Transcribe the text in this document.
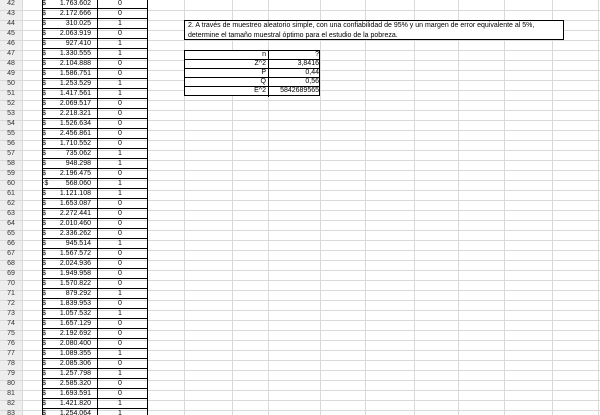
42	$ 1.763.602	0
43	$ 2.172.666	0
44	$	310.025	1
45	$ 2.063.919	0
46	$	927.410	1
47	$ 1.330.555	1
48	$ 2.104.888	0
49	$ 1.586.751	0
50	$ 1.253.529	1
51	$ 1.417.561	1
52	$ 2.069.517	0
53	$ 2.218.321	0
54	$ 1.526.634	0
55	$ 2.456.861	0
56	$ 1.710.552	0
57	$	735.062	1
58	$	948.298	1
59	$ 2.196.475	0
60	-$ 568.060	1
61	$ 1.121.108	1
62	$ 1.653.087	0
63	$ 2.272.441	0
64	$ 2.010.460	0
65	$ 2.336.262	0
66	$	945.514	1
67	$ 1.567.572	0
68	$ 2.024.936	0
69	$ 1.949.958	0
70	$ 1.570.822	0
71	$	879.292	1
72	$ 1.839.953	0
73	$ 1.057.532	1
74	$ 1.657.129	0
75	$ 2.192.692	0
76	$ 2.080.400	0
77	$ 1.089.355	1
78	$ 2.085.306	0
79	$ 1.257.798	1
80	$ 2.585.320	0
81	$ 1.693.591	0
82	$ 1.421.820	1
83	$ 1.254.064	1
2. A través de muestreo aleatorio simple, con una confiabilidad de 95% y un margen de error equivalente al 5%,
determine el tamaño muestral óptimo para el estudio de la pobreza.
n	?
Z^2	3,8416
P	0,44
Q	0,56
E^2	5842689565
